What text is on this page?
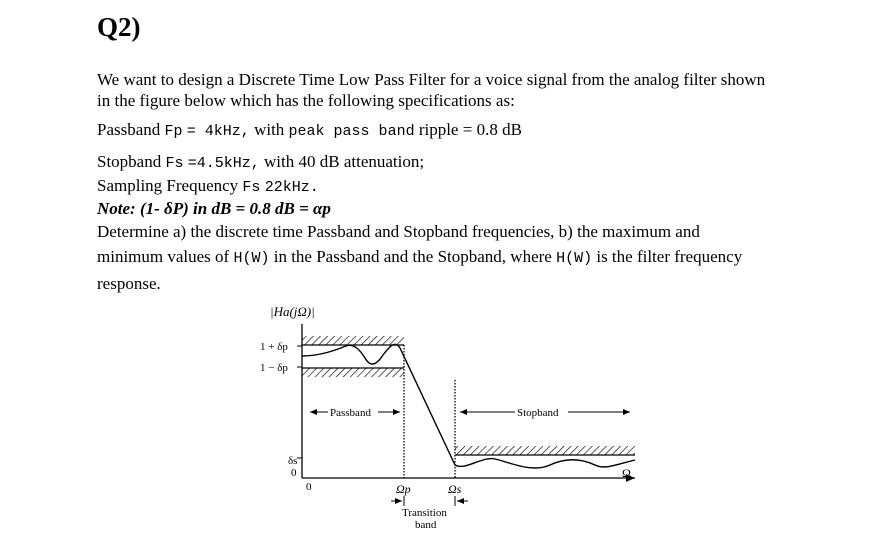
Q2)
We want to design a Discrete Time Low Pass Filter for a voice signal from the analog filter shown
in the figure below which has the following specifications as:
Passband Fp = 4kHz, with peak pass band ripple = 0.8 dB
Stopband Fs =4.5kHz, with 40 dB attenuation;
Sampling Frequency Fs 22kHz.
Note: (1- δP) in dB = 0.8 dB = αp
Determine a) the discrete time Passband and Stopband frequencies, b) the maximum and
minimum values of H(W) in the Passband and the Stopband, where H(W) is the filter frequency
response.
|Ha(jΩ)|
1 + δp
1 − δp
δs
0
0
Passband	Stopband
Ω
Ωp	Ωs
Transition
band
